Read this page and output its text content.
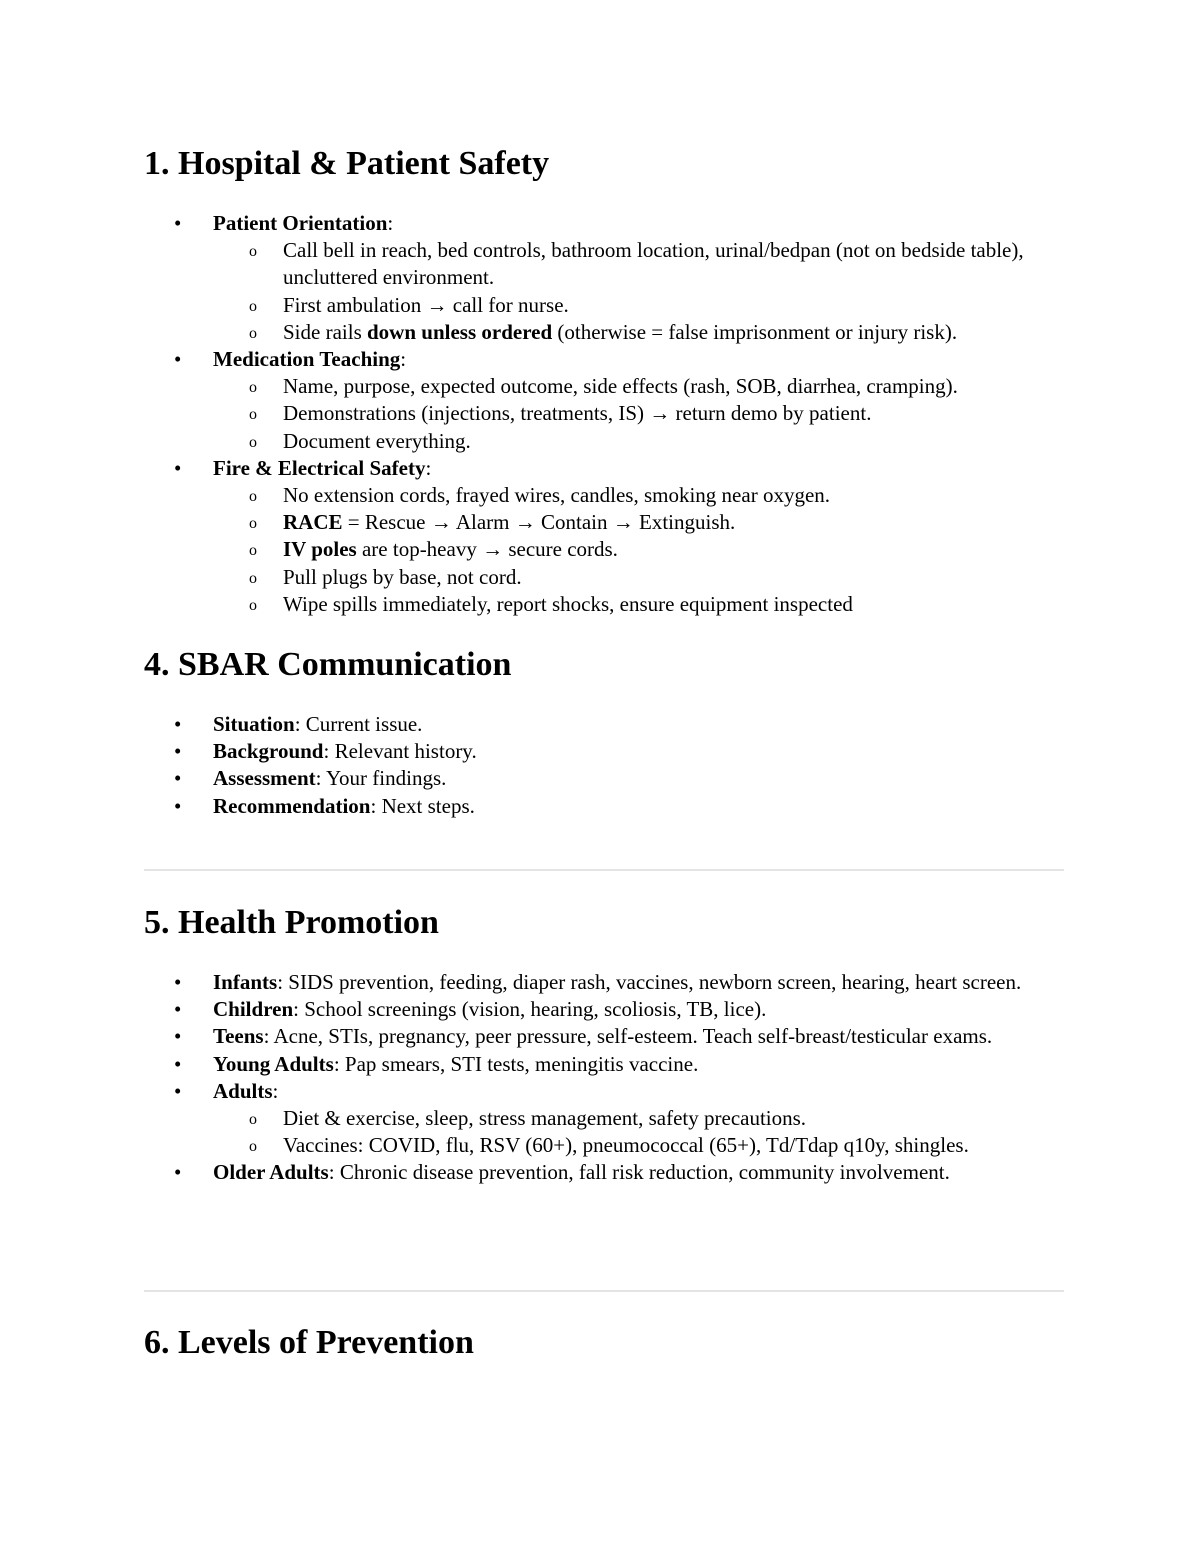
1. Hospital & Patient Safety
• Patient Orientation:
o Call bell in reach, bed controls, bathroom location, urinal/bedpan (not on bedside table), uncluttered environment.
o First ambulation → call for nurse.
o Side rails down unless ordered (otherwise = false imprisonment or injury risk).
• Medication Teaching:
o Name, purpose, expected outcome, side effects (rash, SOB, diarrhea, cramping).
o Demonstrations (injections, treatments, IS) → return demo by patient.
o Document everything.
• Fire & Electrical Safety:
o No extension cords, frayed wires, candles, smoking near oxygen.
o RACE = Rescue → Alarm → Contain → Extinguish.
o IV poles are top-heavy → secure cords.
o Pull plugs by base, not cord.
o Wipe spills immediately, report shocks, ensure equipment inspected
4. SBAR Communication
• Situation: Current issue.
• Background: Relevant history.
• Assessment: Your findings.
• Recommendation: Next steps.
5. Health Promotion
• Infants: SIDS prevention, feeding, diaper rash, vaccines, newborn screen, hearing, heart screen.
• Children: School screenings (vision, hearing, scoliosis, TB, lice).
• Teens: Acne, STIs, pregnancy, peer pressure, self-esteem. Teach self-breast/testicular exams.
• Young Adults: Pap smears, STI tests, meningitis vaccine.
• Adults:
o Diet & exercise, sleep, stress management, safety precautions.
o Vaccines: COVID, flu, RSV (60+), pneumococcal (65+), Td/Tdap q10y, shingles.
• Older Adults: Chronic disease prevention, fall risk reduction, community involvement.
6. Levels of Prevention
